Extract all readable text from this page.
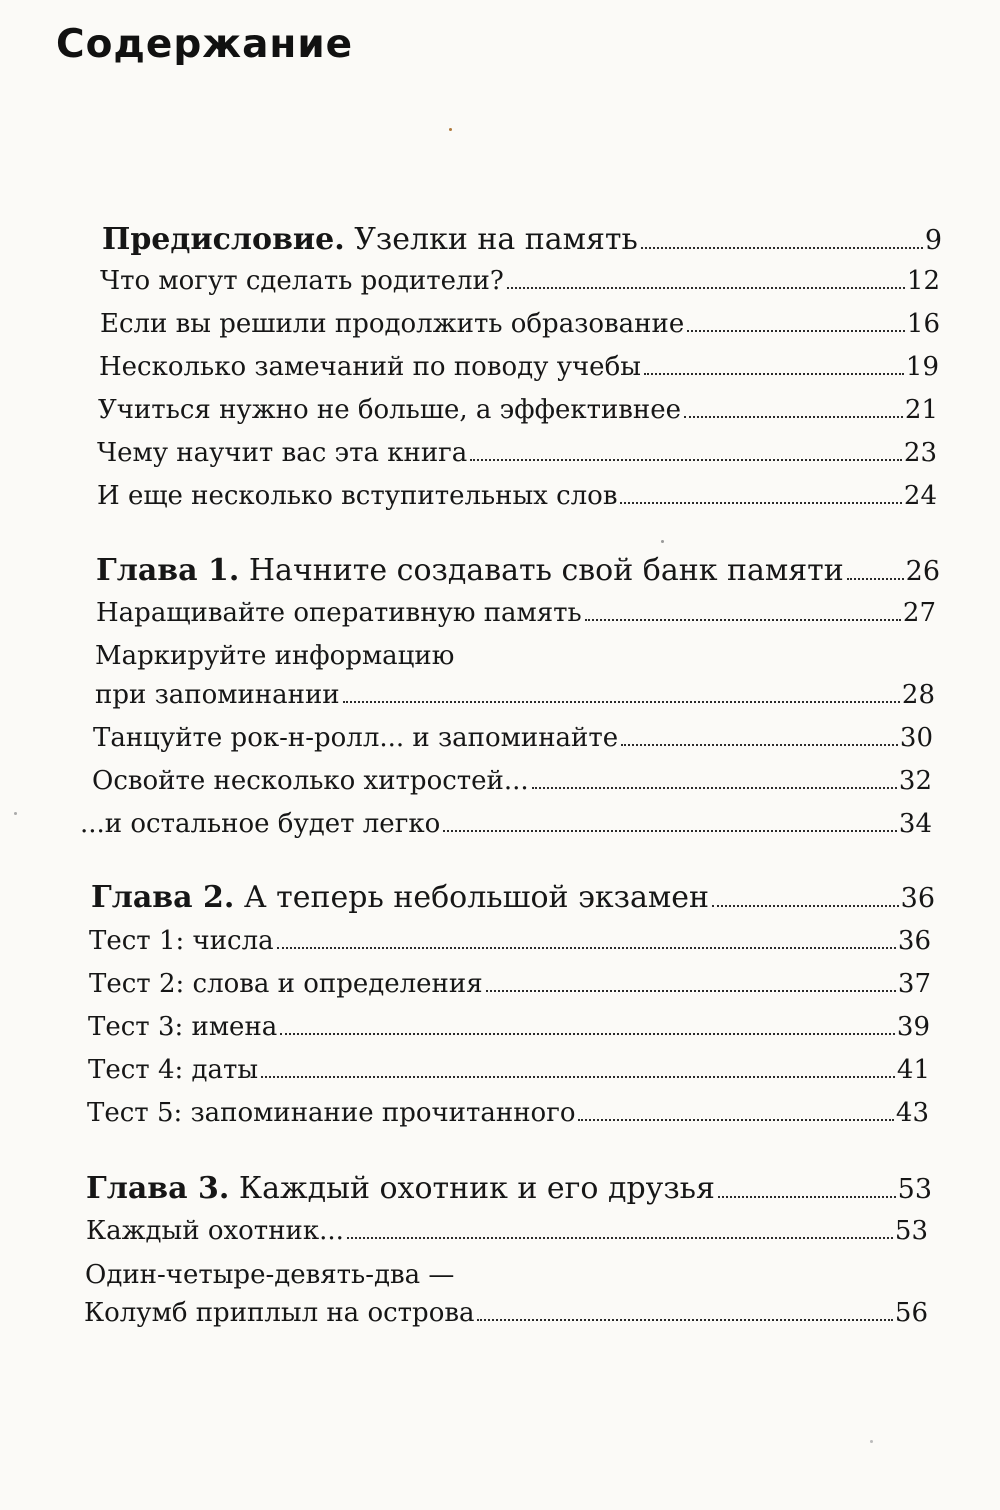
Содержание
Предисловие. Узелки на память	9
Что могут сделать родители?	12
Если вы решили продолжить образование	16
Несколько замечаний по поводу учебы	19
Учиться нужно не больше, а эффективнее	21
Чему научит вас эта книга	23
И еще несколько вступительных слов	24
Глава 1. Начните создавать свой банк памяти 26
Наращивайте оперативную память	27
Маркируйте информацию
при запоминании	28
Танцуйте рок-н-ролл... и запоминайте	30
Освойте несколько хитростей...	32
...и остальное будет легко	34
Глава 2. А теперь небольшой экзамен	36
Тест 1: числа	36
Тест 2: слова и определения	37
Тест 3: имена	39
Тест 4: даты	41
Тест 5: запоминание прочитанного	43
Глава 3. Каждый охотник и его друзья	53
Каждый охотник...	53
Один-четыре-девять-два —
Колумб приплыл на острова	56
